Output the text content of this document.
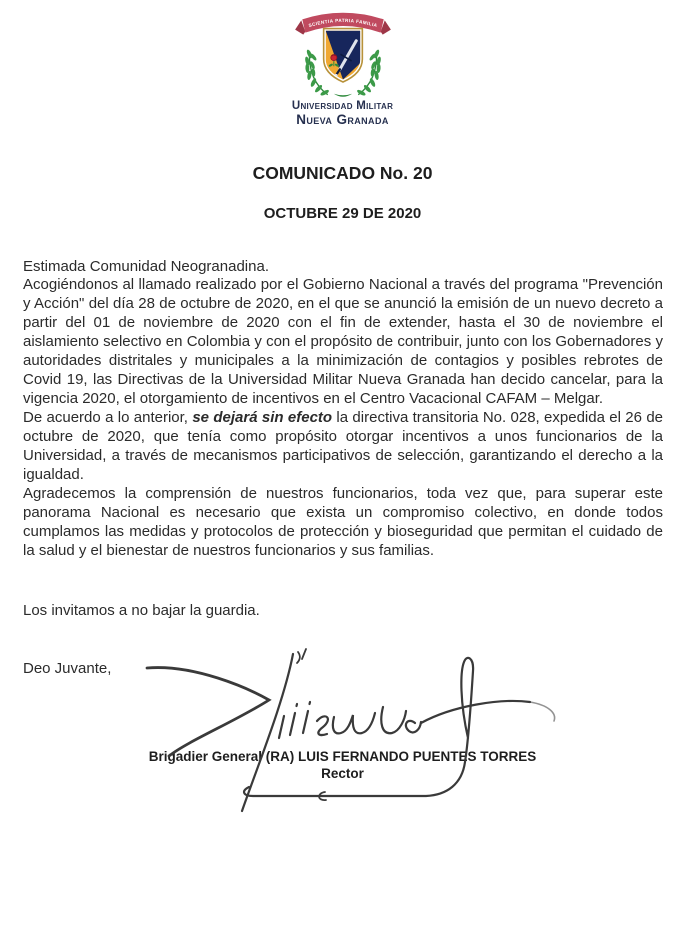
SCIENTIA PATRIA FAMILIA
Universidad Militar
Nueva Granada
COMUNICADO No. 20
OCTUBRE 29 DE 2020
Estimada Comunidad Neogranadina.

Acogiéndonos al llamado realizado por el Gobierno Nacional a través del programa "Prevención y Acción" del día 28 de octubre de 2020, en el que se anunció la emisión de un nuevo decreto a partir del 01 de noviembre de 2020 con el fin de extender, hasta el 30 de noviembre el aislamiento selectivo en Colombia y con el propósito de contribuir, junto con los Gobernadores y autoridades distritales y municipales a la minimización de contagios y posibles rebrotes de Covid 19, las Directivas de la Universidad Militar Nueva Granada han decido cancelar, para la vigencia 2020, el otorgamiento de incentivos en el Centro Vacacional CAFAM – Melgar.

De acuerdo a lo anterior, se dejará sin efecto la directiva transitoria No. 028, expedida el 26 de octubre de 2020, que tenía como propósito otorgar incentivos a unos funcionarios de la Universidad, a través de mecanismos participativos de selección, garantizando el derecho a la igualdad.

Agradecemos la comprensión de nuestros funcionarios, toda vez que, para superar este panorama Nacional es necesario que exista un compromiso colectivo, en donde todos cumplamos las medidas y protocolos de protección y bioseguridad que permitan el cuidado de la salud y el bienestar de nuestros funcionarios y sus familias.

Los invitamos a no bajar la guardia.
Deo Juvante,
Brigadier General (RA) LUIS FERNANDO PUENTES TORRES
Rector
